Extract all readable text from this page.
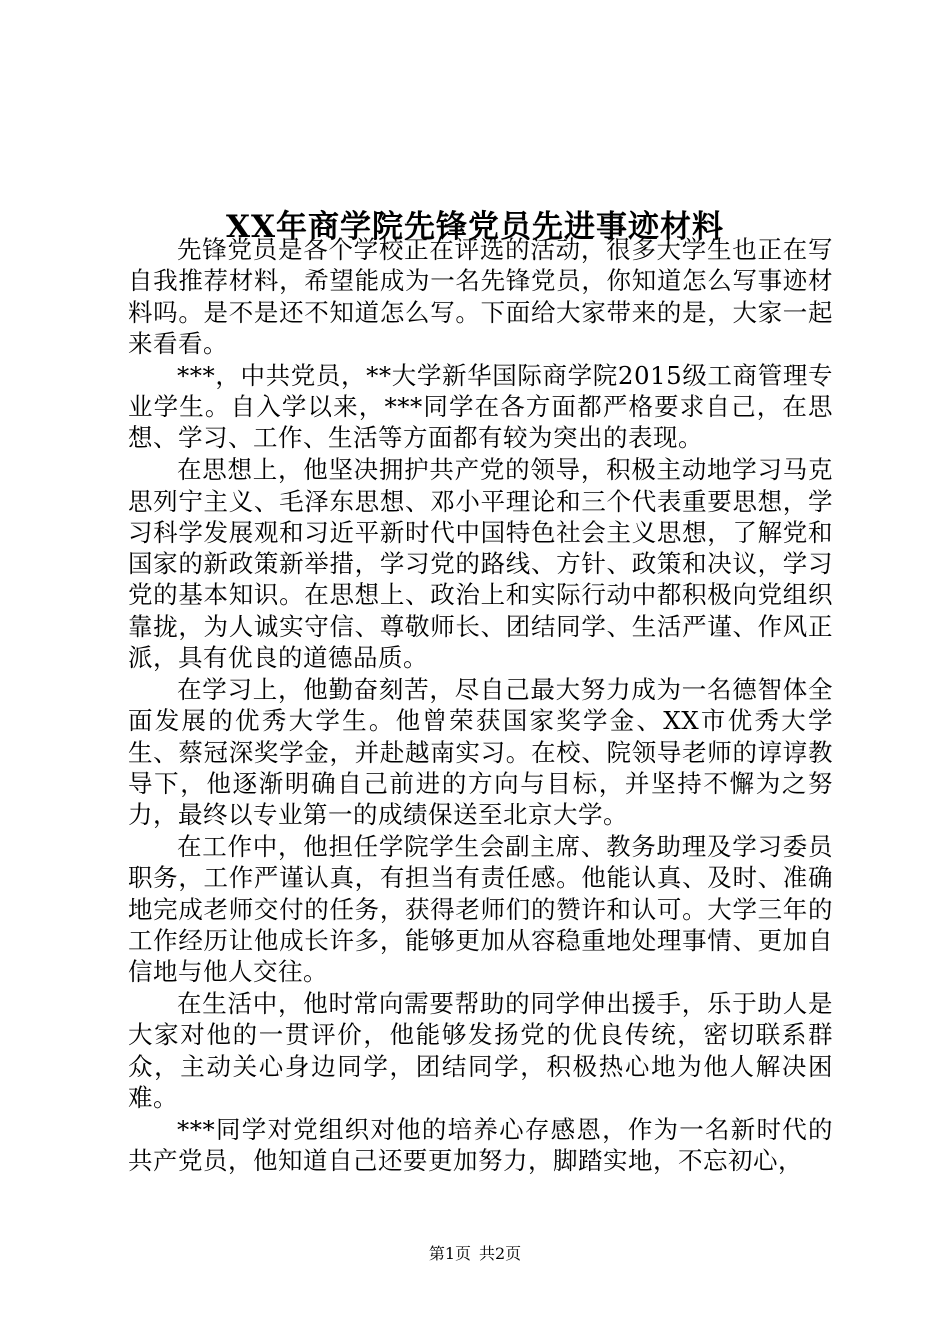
XX年商学院先锋党员先进事迹材料

先锋党员是各个学校正在评选的活动，很多大学生也正在写自我推荐材料，希望能成为一名先锋党员，你知道怎么写事迹材料吗。是不是还不知道怎么写。下面给大家带来的是，大家一起来看看。

***，中共党员，**大学新华国际商学院2015级工商管理专业学生。自入学以来，***同学在各方面都严格要求自己，在思想、学习、工作、生活等方面都有较为突出的表现。

在思想上，他坚决拥护共产党的领导，积极主动地学习马克思列宁主义、毛泽东思想、邓小平理论和三个代表重要思想，学习科学发展观和习近平新时代中国特色社会主义思想，了解党和国家的新政策新举措，学习党的路线、方针、政策和决议，学习党的基本知识。在思想上、政治上和实际行动中都积极向党组织靠拢，为人诚实守信、尊敬师长、团结同学、生活严谨、作风正派，具有优良的道德品质。

在学习上，他勤奋刻苦，尽自己最大努力成为一名德智体全面发展的优秀大学生。他曾荣获国家奖学金、XX市优秀大学生、蔡冠深奖学金，并赴越南实习。在校、院领导老师的谆谆教导下，他逐渐明确自己前进的方向与目标，并坚持不懈为之努力，最终以专业第一的成绩保送至北京大学。

在工作中，他担任学院学生会副主席、教务助理及学习委员职务，工作严谨认真，有担当有责任感。他能认真、及时、准确地完成老师交付的任务，获得老师们的赞许和认可。大学三年的工作经历让他成长许多，能够更加从容稳重地处理事情、更加自信地与他人交往。

在生活中，他时常向需要帮助的同学伸出援手，乐于助人是大家对他的一贯评价，他能够发扬党的优良传统，密切联系群众，主动关心身边同学，团结同学，积极热心地为他人解决困难。

***同学对党组织对他的培养心存感恩，作为一名新时代的共产党员，他知道自己还要更加努力，脚踏实地，不忘初心，

第1页 共2页
